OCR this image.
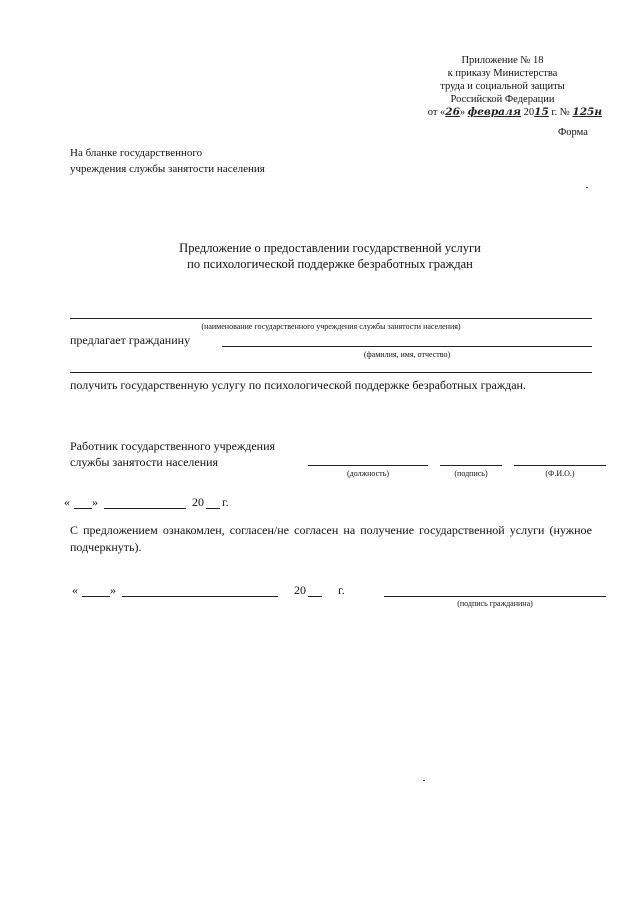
Приложение № 18
к приказу Министерства
труда и социальной защиты
Российской Федерации
от «26» февраля 2015 г. № 125н
Форма
На бланке государственного
учреждения службы занятости населения
Предложение о предоставлении государственной услуги
по психологической поддержке безработных граждан
(наименование государственного учреждения службы занятости населения)
предлагает гражданину
(фамилия, имя, отчество)
получить государственную услугу по психологической поддержке безработных граждан.
Работник государственного учреждения
службы занятости населения
(должность)	(подпись)	(Ф.И.О.)
« »	20 г.
С предложением ознакомлен, согласен/не согласен на получение государственной услуги (нужное подчеркнуть).
«	»	20	г.
(подпись гражданина)
